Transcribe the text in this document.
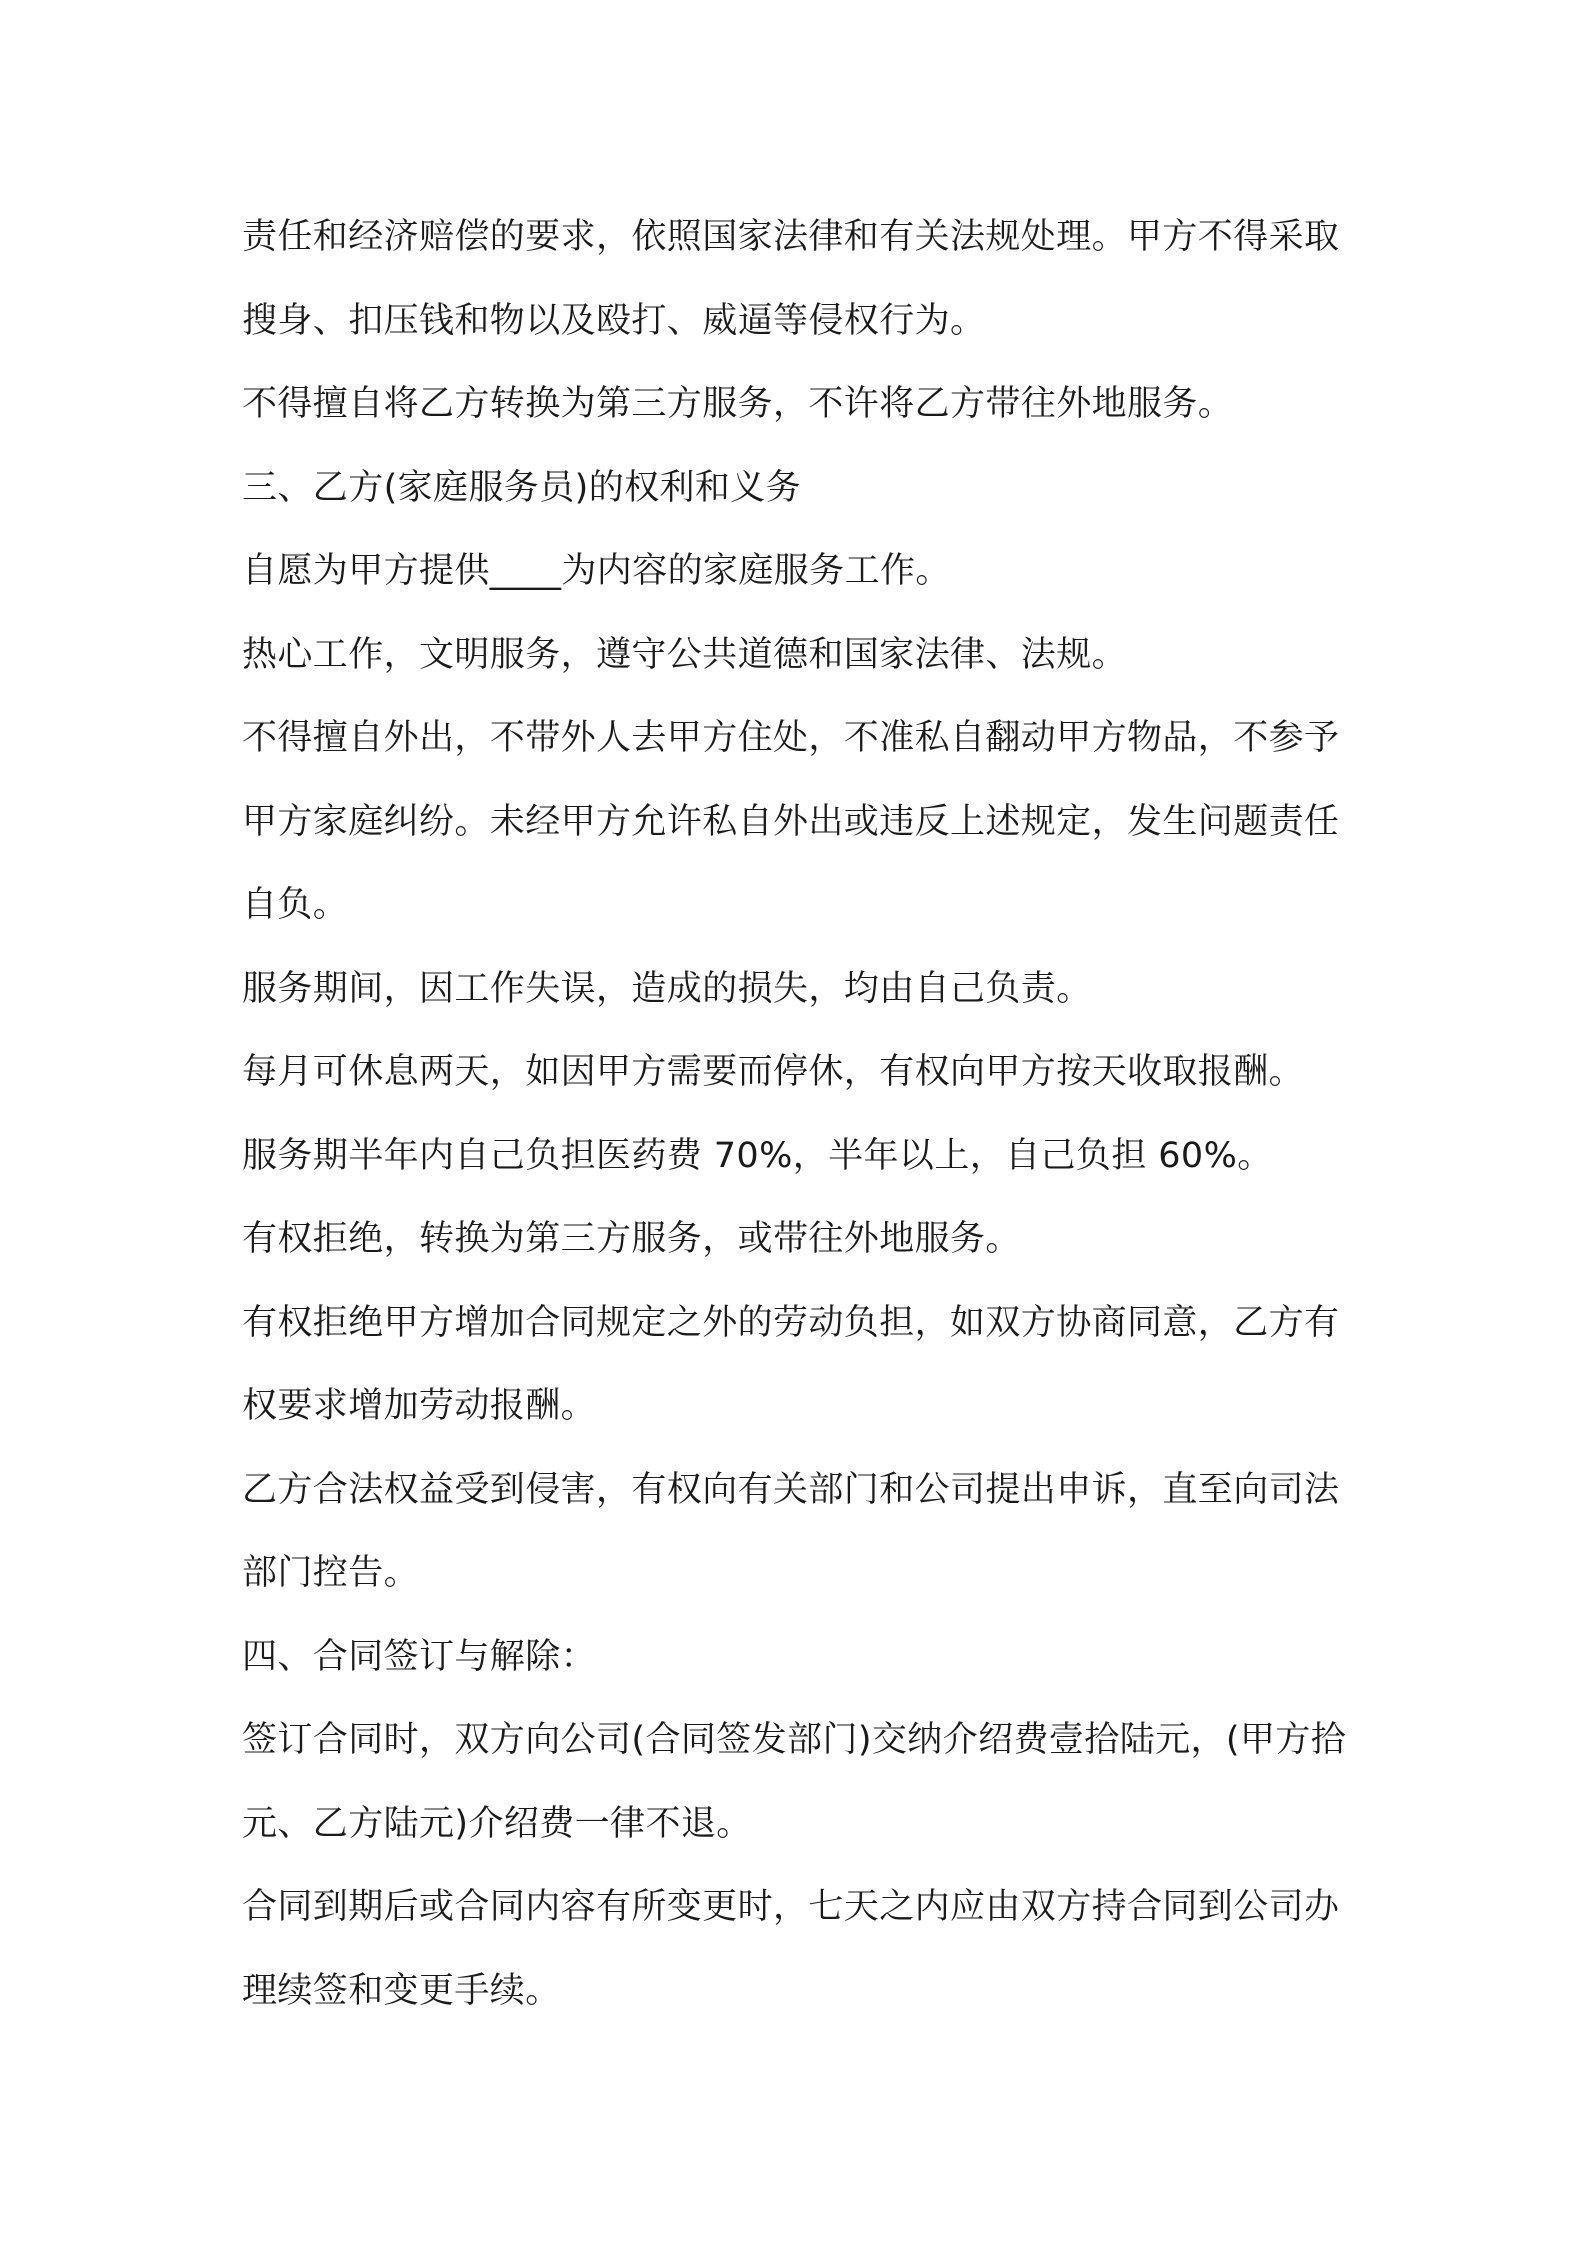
责任和经济赔偿的要求，依照国家法律和有关法规处理。甲方不得采取搜身、扣压钱和物以及殴打、威逼等侵权行为。

不得擅自将乙方转换为第三方服务，不许将乙方带往外地服务。

三、乙方(家庭服务员)的权利和义务

自愿为甲方提供____为内容的家庭服务工作。

热心工作，文明服务，遵守公共道德和国家法律、法规。

不得擅自外出，不带外人去甲方住处，不准私自翻动甲方物品，不参予甲方家庭纠纷。未经甲方允许私自外出或违反上述规定，发生问题责任自负。

服务期间，因工作失误，造成的损失，均由自己负责。

每月可休息两天，如因甲方需要而停休，有权向甲方按天收取报酬。

服务期半年内自己负担医药费 70%，半年以上，自己负担 60%。

有权拒绝，转换为第三方服务，或带往外地服务。

有权拒绝甲方增加合同规定之外的劳动负担，如双方协商同意，乙方有权要求增加劳动报酬。

乙方合法权益受到侵害，有权向有关部门和公司提出申诉，直至向司法部门控告。

四、合同签订与解除：

签订合同时，双方向公司(合同签发部门)交纳介绍费壹拾陆元，(甲方拾元、乙方陆元)介绍费一律不退。

合同到期后或合同内容有所变更时，七天之内应由双方持合同到公司办理续签和变更手续。
